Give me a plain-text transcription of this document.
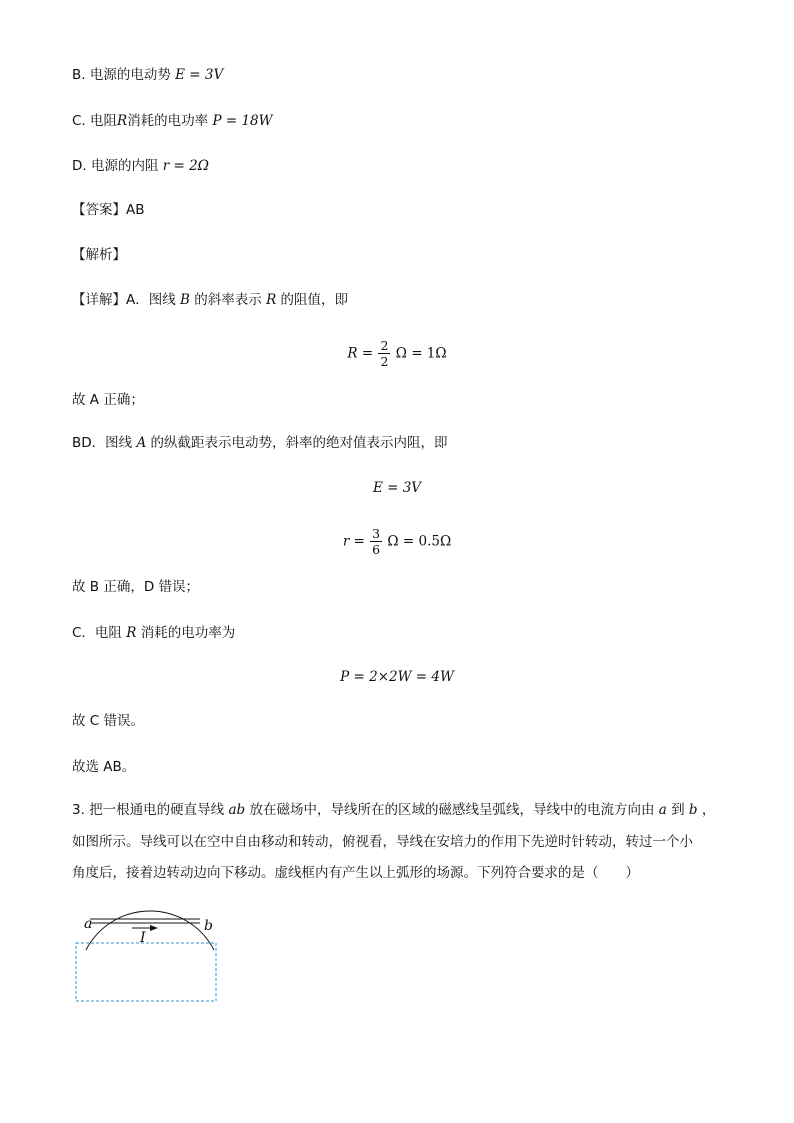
B. 电源的电动势 E = 3V
C. 电阻R消耗的电功率 P = 18W
D. 电源的内阻 r = 2Ω
【答案】AB
【解析】
【详解】A．图线 B 的斜率表示 R 的阻值，即
$R = \frac{2}{2}$ Ω = 1Ω
故 A 正确；
BD．图线 A 的纵截距表示电动势，斜率的绝对值表示内阻，即
E = 3V
$r = \frac{3}{6}$ Ω = 0.5Ω
故 B 正确，D 错误；
C．电阻 R 消耗的电功率为
P = 2×2W = 4W
故 C 错误。
故选 AB。
3. 把一根通电的硬直导线 ab 放在磁场中，导线所在的区域的磁感线呈弧线，导线中的电流方向由 a 到 b ，
如图所示。导线可以在空中自由移动和转动，俯视看，导线在安培力的作用下先逆时针转动，转过一个小
角度后，接着边转动边向下移动。虚线框内有产生以上弧形的场源。下列符合要求的是（　　）
a	b
I
